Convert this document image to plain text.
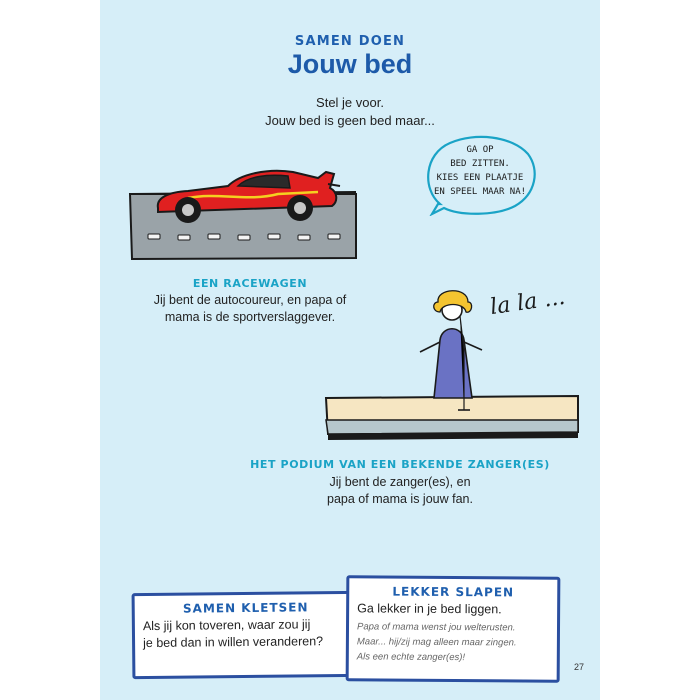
SAMEN DOEN
Jouw bed
Stel je voor.
Jouw bed is geen bed maar...
GA OP
BED ZITTEN.
KIES EEN PLAATJE
EN SPEEL MAAR NA!
EEN RACEWAGEN
Jij bent de autocoureur, en papa of
mama is de sportverslaggever.	la la ...
HET PODIUM VAN EEN BEKENDE ZANGER(ES)
Jij bent de zanger(es), en
papa of mama is jouw fan.
SAMEN KLETSEN
Als jij kon toveren, waar zou jij
je bed dan in willen veranderen?
LEKKER SLAPEN
Ga lekker in je bed liggen.
Papa of mama wenst jou welterusten.
Maar... hij/zij mag alleen maar zingen.
Als een echte zanger(es)!
27
